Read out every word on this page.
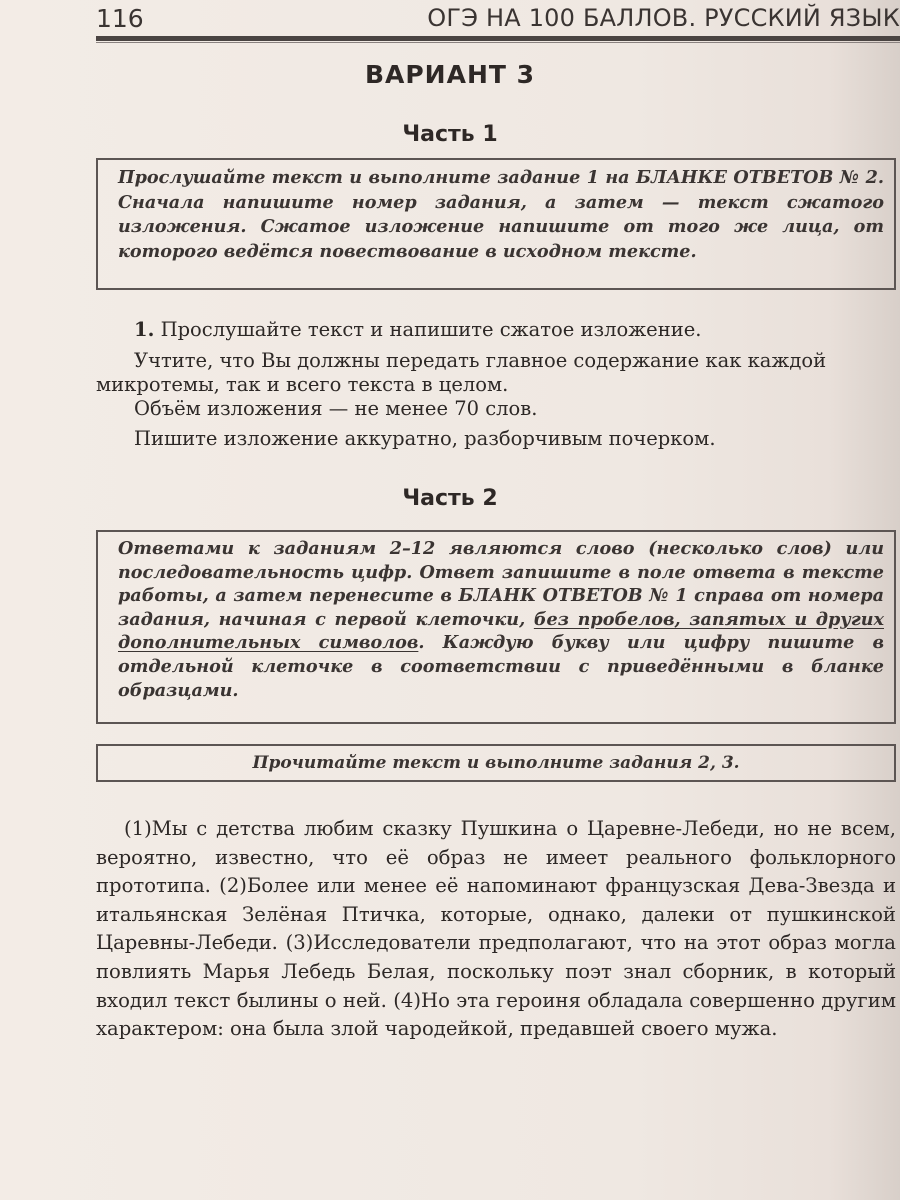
116	ОГЭ НА 100 БАЛЛОВ. РУССКИЙ ЯЗЫК
ВАРИАНТ 3
Часть 1
Прослушайте текст и выполните задание 1 на БЛАНКЕ ОТВЕТОВ № 2. Сначала напишите номер задания, а затем — текст сжатого изложения. Сжатое изложение напишите от того же лица, от которого ведётся повествование в исходном тексте.

1. Прослушайте текст и напишите сжатое изложение.

Учтите, что Вы должны передать главное содержание как каждой микротемы, так и всего текста в целом.

Объём изложения — не менее 70 слов.

Пишите изложение аккуратно, разборчивым почерком.

Часть 2
Ответами к заданиям 2–12 являются слово (несколько слов) или последовательность цифр. Ответ запишите в поле ответа в тексте работы, а затем перенесите в БЛАНК ОТВЕТОВ № 1 справа от номера задания, начиная с первой клеточки, без пробелов, запятых и других дополнительных символов. Каждую букву или цифру пишите в отдельной клеточке в соответствии с приведёнными в бланке образцами.
Прочитайте текст и выполните задания 2, 3.

(1)Мы с детства любим сказку Пушкина о Царевне-Лебеди, но не всем, вероятно, известно, что её образ не имеет реального фольклорного прототипа. (2)Более или менее её напоминают французская Дева-Звезда и итальянская Зелёная Птичка, которые, однако, далеки от пушкинской Царевны-Лебеди. (3)Исследователи предполагают, что на этот образ могла повлиять Марья Лебедь Белая, поскольку поэт знал сборник, в который входил текст былины о ней. (4)Но эта героиня обладала совершенно другим характером: она была злой чародейкой, предавшей своего мужа.
